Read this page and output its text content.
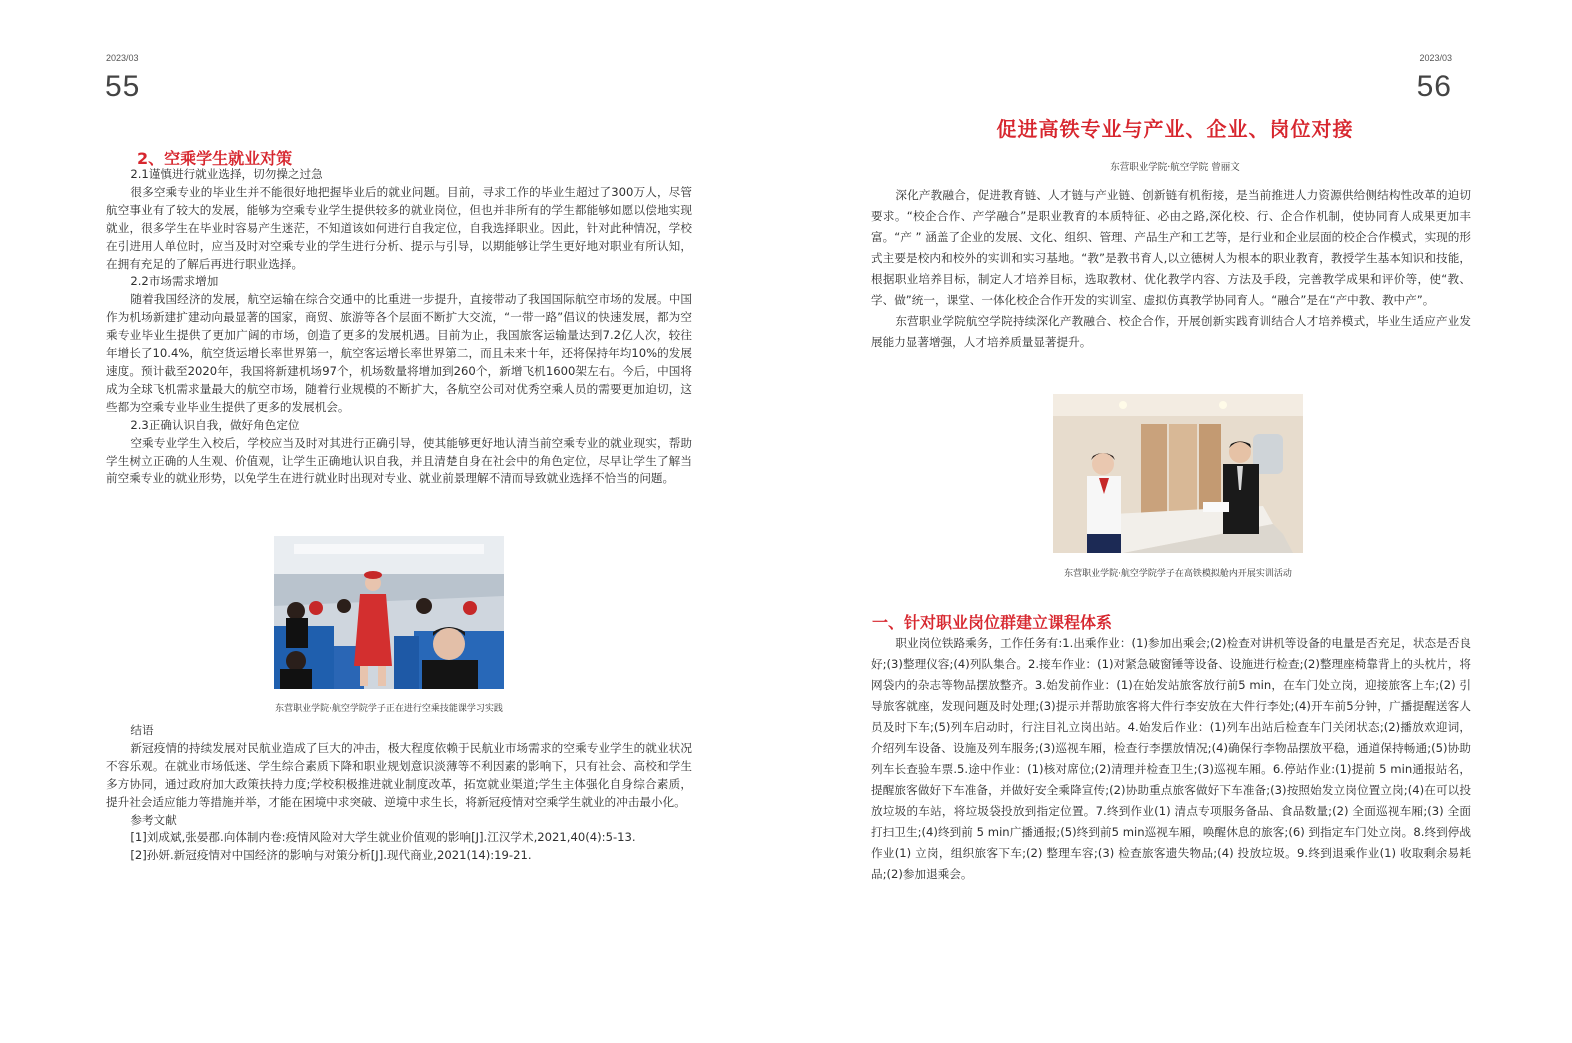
2023/03
55
2、空乘学生就业对策

2.1谨慎进行就业选择，切勿操之过急

很多空乘专业的毕业生并不能很好地把握毕业后的就业问题。目前，寻求工作的毕业生超过了300万人，尽管航空事业有了较大的发展，能够为空乘专业学生提供较多的就业岗位，但也并非所有的学生都能够如愿以偿地实现就业，很多学生在毕业时容易产生迷茫，不知道该如何进行自我定位，自我选择职业。因此，针对此种情况，学校在引进用人单位时，应当及时对空乘专业的学生进行分析、提示与引导，以期能够让学生更好地对职业有所认知，在拥有充足的了解后再进行职业选择。

2.2市场需求增加

随着我国经济的发展，航空运输在综合交通中的比重进一步提升，直接带动了我国国际航空市场的发展。中国作为机场新建扩建动向最显著的国家，商贸、旅游等各个层面不断扩大交流，“一带一路”倡议的快速发展，都为空乘专业毕业生提供了更加广阔的市场，创造了更多的发展机遇。目前为止，我国旅客运输量达到7.2亿人次，较往年增长了10.4%，航空货运增长率世界第一，航空客运增长率世界第二，而且未来十年，还将保持年均10%的发展速度。预计截至2020年，我国将新建机场97个，机场数量将增加到260个，新增飞机1600架左右。今后，中国将成为全球飞机需求量最大的航空市场，随着行业规模的不断扩大，各航空公司对优秀空乘人员的需要更加迫切，这些都为空乘专业毕业生提供了更多的发展机会。

2.3正确认识自我，做好角色定位

空乘专业学生入校后，学校应当及时对其进行正确引导，使其能够更好地认清当前空乘专业的就业现实，帮助学生树立正确的人生观、价值观，让学生正确地认识自我，并且清楚自身在社会中的角色定位，尽早让学生了解当前空乘专业的就业形势，以免学生在进行就业时出现对专业、就业前景理解不清而导致就业选择不恰当的问题。

东营职业学院·航空学院学子正在进行空乘技能课学习实践

结语

新冠疫情的持续发展对民航业造成了巨大的冲击，极大程度依赖于民航业市场需求的空乘专业学生的就业状况不容乐观。在就业市场低迷、学生综合素质下降和职业规划意识淡薄等不利因素的影响下，只有社会、高校和学生多方协同，通过政府加大政策扶持力度;学校积极推进就业制度改革，拓宽就业渠道;学生主体强化自身综合素质，提升社会适应能力等措施并举，才能在困境中求突破、逆境中求生长，将新冠疫情对空乘学生就业的冲击最小化。

参考文献

[1]刘成斌,张晏郡.向体制内卷:疫情风险对大学生就业价值观的影响[J].江汉学术,2021,40(4):5-13.

[2]孙妍.新冠疫情对中国经济的影响与对策分析[J].现代商业,2021(14):19-21.

2023/03
56
促进高铁专业与产业、企业、岗位对接
东营职业学院·航空学院 曾丽文

深化产教融合，促进教育链、人才链与产业链、创新链有机衔接，是当前推进人力资源供给侧结构性改革的迫切要求。“校企合作、产学融合”是职业教育的本质特征、必由之路,深化校、行、企合作机制，使协同育人成果更加丰富。“产 ” 涵盖了企业的发展、文化、组织、管理、产品生产和工艺等，是行业和企业层面的校企合作模式，实现的形式主要是校内和校外的实训和实习基地。“教”是教书育人,以立德树人为根本的职业教育，教授学生基本知识和技能，根据职业培养目标，制定人才培养目标，选取教材、优化教学内容、方法及手段，完善教学成果和评价等，使“教、学、做”统一，课堂、一体化校企合作开发的实训室、虚拟仿真教学协同育人。“融合”是在“产中教、教中产”。

东营职业学院航空学院持续深化产教融合、校企合作，开展创新实践育训结合人才培养模式，毕业生适应产业发展能力显著增强，人才培养质量显著提升。

东营职业学院·航空学院学子在高铁模拟舱内开展实训活动
一、针对职业岗位群建立课程体系

职业岗位铁路乘务，工作任务有:1.出乘作业：(1)参加出乘会;(2)检查对讲机等设备的电量是否充足，状态是否良好;(3)整理仪容;(4)列队集合。2.接车作业：(1)对紧急破窗锤等设备、设施进行检查;(2)整理座椅靠背上的头枕片，将网袋内的杂志等物品摆放整齐。3.始发前作业：(1)在始发站旅客放行前5 min，在车门处立岗，迎接旅客上车;(2) 引导旅客就座，发现问题及时处理;(3)提示并帮助旅客将大件行李安放在大件行李处;(4)开车前5分钟，广播提醒送客人员及时下车;(5)列车启动时，行注目礼立岗出站。4.始发后作业：(1)列车出站后检查车门关闭状态;(2)播放欢迎词，介绍列车设备、设施及列车服务;(3)巡视车厢，检查行李摆放情况;(4)确保行李物品摆放平稳，通道保持畅通;(5)协助列车长查验车票.5.途中作业：(1)核对席位;(2)清理并检查卫生;(3)巡视车厢。6.停站作业:(1)提前 5 min通报站名，提醒旅客做好下车准备，并做好安全乘降宣传;(2)协助重点旅客做好下车准备;(3)按照始发立岗位置立岗;(4)在可以投放垃圾的车站，将垃圾袋投放到指定位置。7.终到作业(1) 清点专项服务备品、食品数量;(2) 全面巡视车厢;(3) 全面打扫卫生;(4)终到前 5 min广播通报;(5)终到前5 min巡视车厢，唤醒休息的旅客;(6) 到指定车门处立岗。8.终到停战作业(1) 立岗，组织旅客下车;(2) 整理车容;(3) 检查旅客遗失物品;(4) 投放垃圾。9.终到退乘作业(1) 收取剩余易耗品;(2)参加退乘会。
